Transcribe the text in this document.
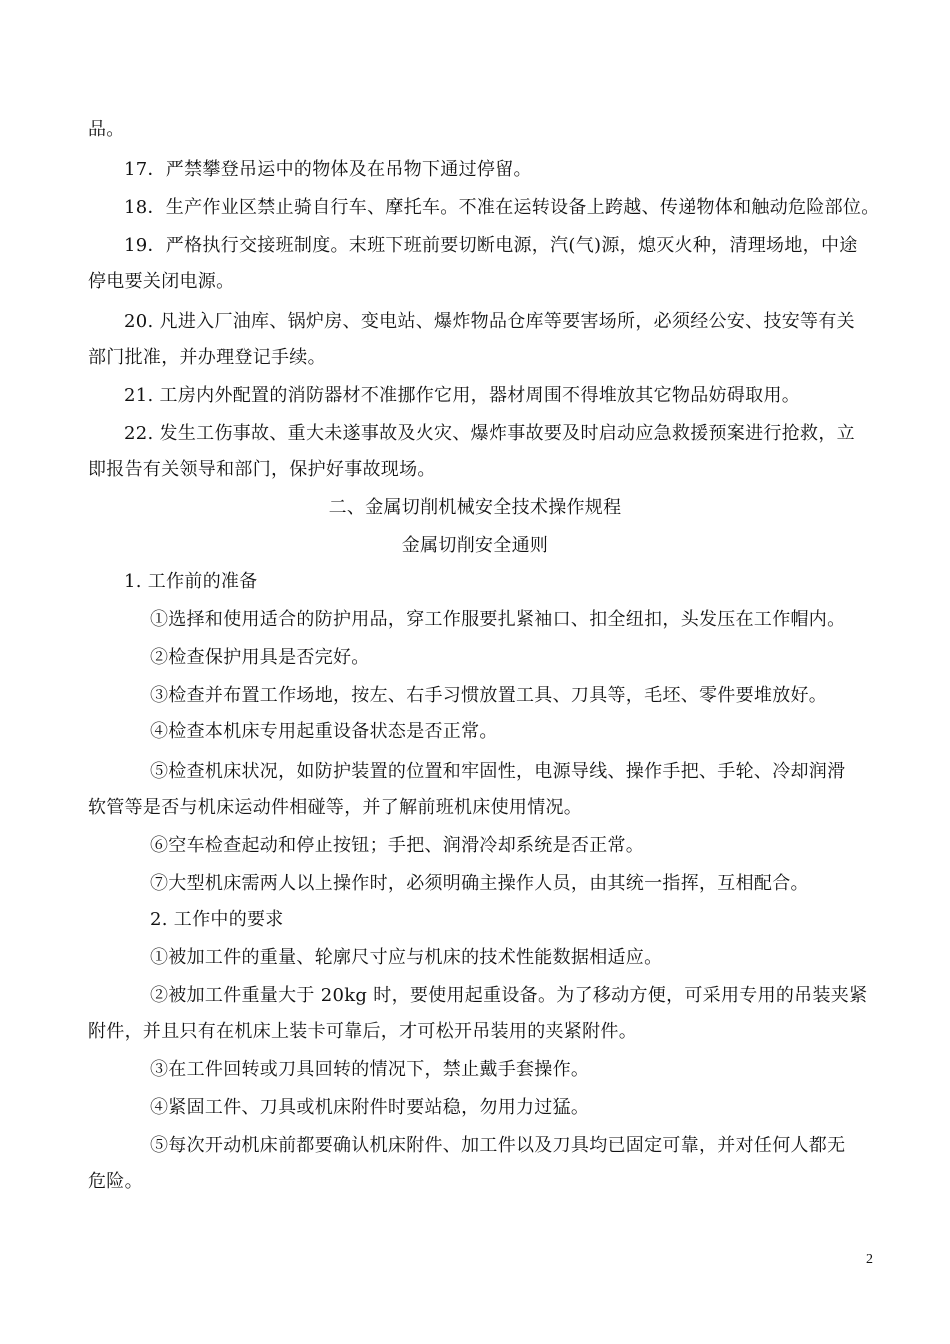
品。
17．严禁攀登吊运中的物体及在吊物下通过停留。
18．生产作业区禁止骑自行车、摩托车。不准在运转设备上跨越、传递物体和触动危险部位。
19．严格执行交接班制度。末班下班前要切断电源，汽(气)源，熄灭火种，清理场地，中途
停电要关闭电源。
20. 凡进入厂油库、锅炉房、变电站、爆炸物品仓库等要害场所，必须经公安、技安等有关
部门批准，并办理登记手续。
21. 工房内外配置的消防器材不准挪作它用，器材周围不得堆放其它物品妨碍取用。
22. 发生工伤事故、重大未遂事故及火灾、爆炸事故要及时启动应急救援预案进行抢救，立
即报告有关领导和部门，保护好事故现场。
二、金属切削机械安全技术操作规程
金属切削安全通则
1. 工作前的准备
①选择和使用适合的防护用品，穿工作服要扎紧袖口、扣全纽扣，头发压在工作帽内。
②检查保护用具是否完好。
③检查并布置工作场地，按左、右手习惯放置工具、刀具等，毛坯、零件要堆放好。
④检查本机床专用起重设备状态是否正常。
⑤检查机床状况，如防护装置的位置和牢固性，电源导线、操作手把、手轮、冷却润滑
软管等是否与机床运动件相碰等，并了解前班机床使用情况。
⑥空车检查起动和停止按钮；手把、润滑冷却系统是否正常。
⑦大型机床需两人以上操作时，必须明确主操作人员，由其统一指挥，互相配合。
2. 工作中的要求
①被加工件的重量、轮廓尺寸应与机床的技术性能数据相适应。
②被加工件重量大于 20kg 时，要使用起重设备。为了移动方便，可采用专用的吊装夹紧
附件，并且只有在机床上装卡可靠后，才可松开吊装用的夹紧附件。
③在工件回转或刀具回转的情况下，禁止戴手套操作。
④紧固工件、刀具或机床附件时要站稳，勿用力过猛。
⑤每次开动机床前都要确认机床附件、加工件以及刀具均已固定可靠，并对任何人都无
危险。
2
